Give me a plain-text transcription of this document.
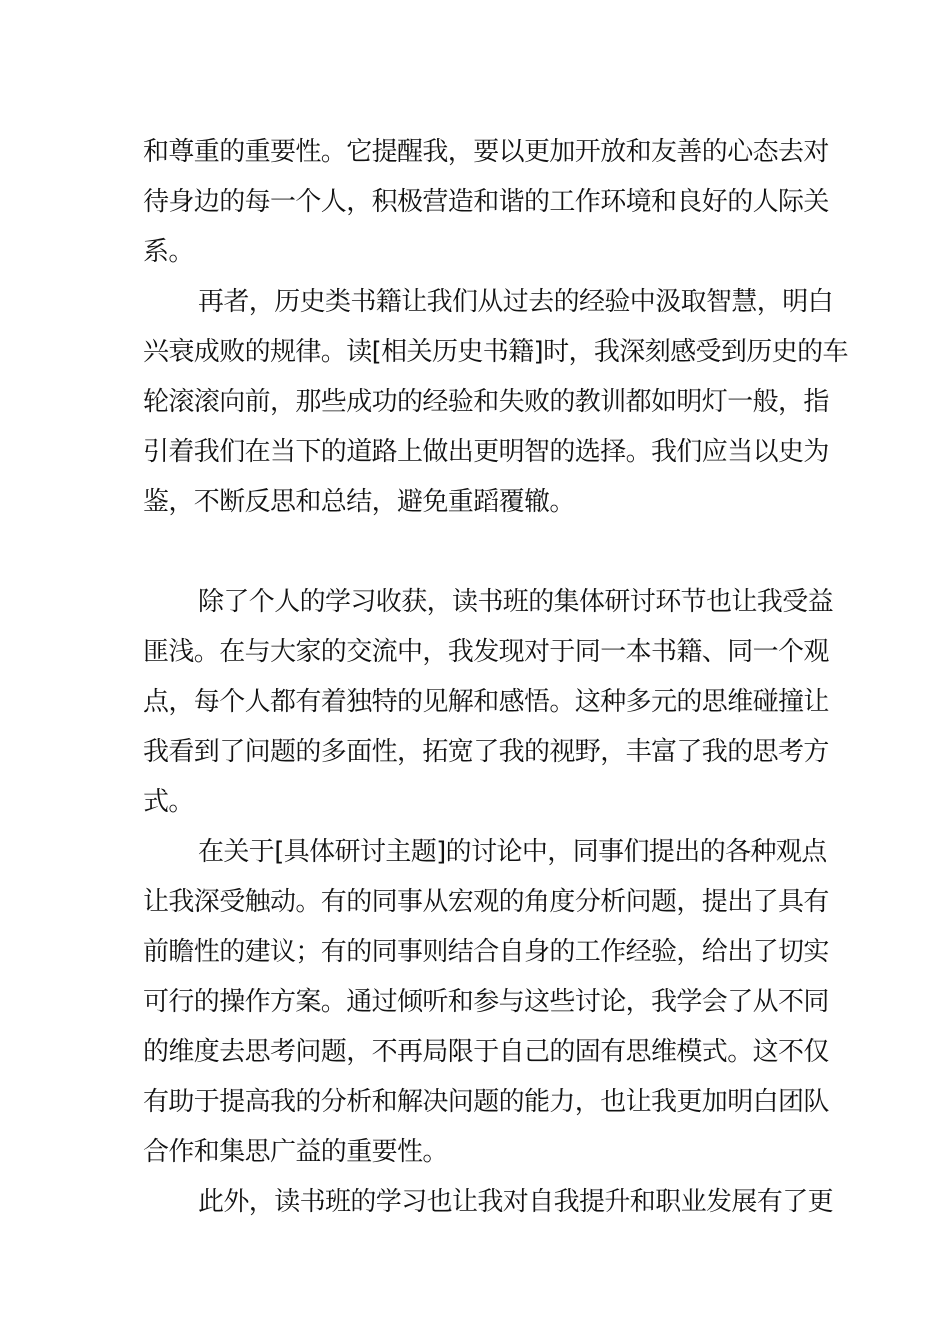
和尊重的重要性。它提醒我，要以更加开放和友善的心态去对
待身边的每一个人，积极营造和谐的工作环境和良好的人际关
系。
再者，历史类书籍让我们从过去的经验中汲取智慧，明白
兴衰成败的规律。读[相关历史书籍]时，我深刻感受到历史的车
轮滚滚向前，那些成功的经验和失败的教训都如明灯一般，指
引着我们在当下的道路上做出更明智的选择。我们应当以史为
鉴，不断反思和总结，避免重蹈覆辙。
除了个人的学习收获，读书班的集体研讨环节也让我受益
匪浅。在与大家的交流中，我发现对于同一本书籍、同一个观
点，每个人都有着独特的见解和感悟。这种多元的思维碰撞让
我看到了问题的多面性，拓宽了我的视野，丰富了我的思考方
式。
在关于[具体研讨主题]的讨论中，同事们提出的各种观点
让我深受触动。有的同事从宏观的角度分析问题，提出了具有
前瞻性的建议；有的同事则结合自身的工作经验，给出了切实
可行的操作方案。通过倾听和参与这些讨论，我学会了从不同
的维度去思考问题，不再局限于自己的固有思维模式。这不仅
有助于提高我的分析和解决问题的能力，也让我更加明白团队
合作和集思广益的重要性。
此外，读书班的学习也让我对自我提升和职业发展有了更
